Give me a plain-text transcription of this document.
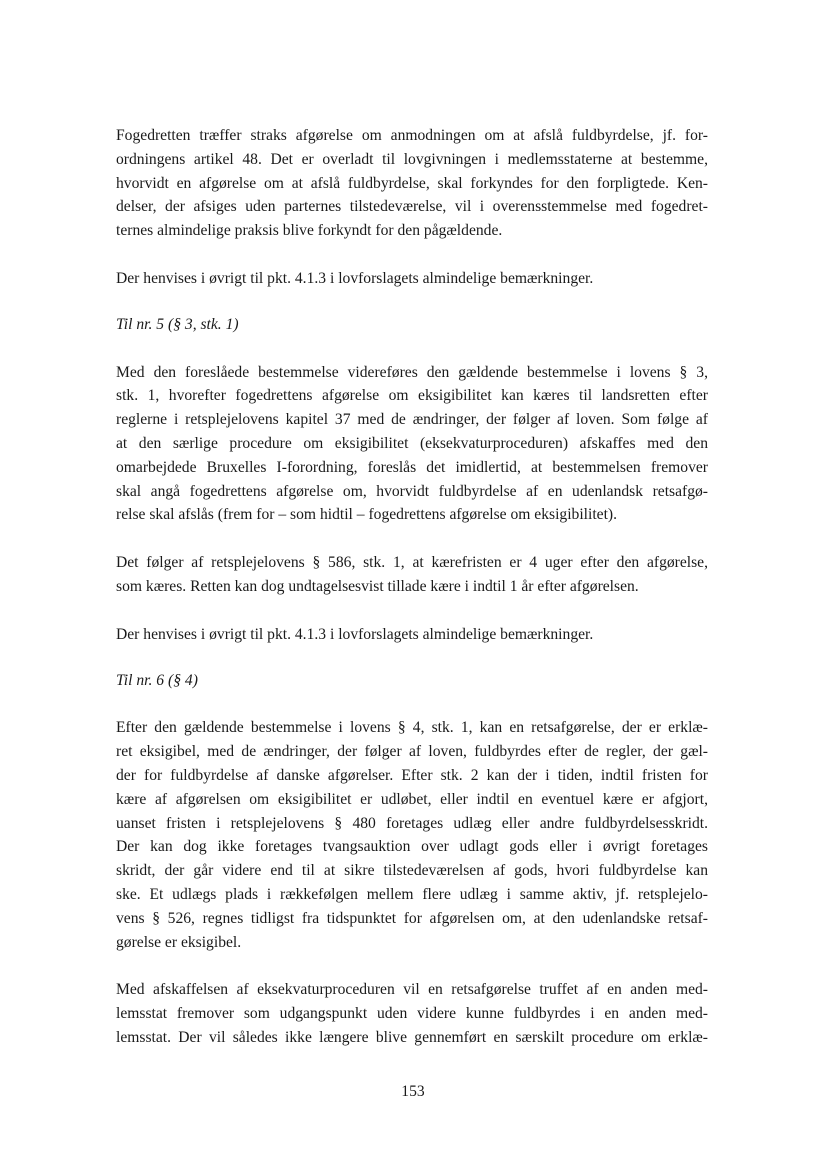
Fogedretten træffer straks afgørelse om anmodningen om at afslå fuldbyrdelse, jf. for-
ordningens artikel 48. Det er overladt til lovgivningen i medlemsstaterne at bestemme,
hvorvidt en afgørelse om at afslå fuldbyrdelse, skal forkyndes for den forpligtede. Ken-
delser, der afsiges uden parternes tilstedeværelse, vil i overensstemmelse med fogedret-
ternes almindelige praksis blive forkyndt for den pågældende.

Der henvises i øvrigt til pkt. 4.1.3 i lovforslagets almindelige bemærkninger.

Til nr. 5 (§ 3, stk. 1)

Med den foreslåede bestemmelse videreføres den gældende bestemmelse i lovens § 3,
stk. 1, hvorefter fogedrettens afgørelse om eksigibilitet kan kæres til landsretten efter
reglerne i retsplejelovens kapitel 37 med de ændringer, der følger af loven. Som følge af
at den særlige procedure om eksigibilitet (eksekvaturproceduren) afskaffes med den
omarbejdede Bruxelles I-forordning, foreslås det imidlertid, at bestemmelsen fremover
skal angå fogedrettens afgørelse om, hvorvidt fuldbyrdelse af en udenlandsk retsafgø-
relse skal afslås (frem for – som hidtil – fogedrettens afgørelse om eksigibilitet).

Det følger af retsplejelovens § 586, stk. 1, at kærefristen er 4 uger efter den afgørelse,
som kæres. Retten kan dog undtagelsesvist tillade kære i indtil 1 år efter afgørelsen.

Der henvises i øvrigt til pkt. 4.1.3 i lovforslagets almindelige bemærkninger.

Til nr. 6 (§ 4)

Efter den gældende bestemmelse i lovens § 4, stk. 1, kan en retsafgørelse, der er erklæ-
ret eksigibel, med de ændringer, der følger af loven, fuldbyrdes efter de regler, der gæl-
der for fuldbyrdelse af danske afgørelser. Efter stk. 2 kan der i tiden, indtil fristen for
kære af afgørelsen om eksigibilitet er udløbet, eller indtil en eventuel kære er afgjort,
uanset fristen i retsplejelovens § 480 foretages udlæg eller andre fuldbyrdelsesskridt.
Der kan dog ikke foretages tvangsauktion over udlagt gods eller i øvrigt foretages
skridt, der går videre end til at sikre tilstedeværelsen af gods, hvori fuldbyrdelse kan
ske. Et udlægs plads i rækkefølgen mellem flere udlæg i samme aktiv, jf. retsplejelo-
vens § 526, regnes tidligst fra tidspunktet for afgørelsen om, at den udenlandske retsaf-
gørelse er eksigibel.

Med afskaffelsen af eksekvaturproceduren vil en retsafgørelse truffet af en anden med-
lemsstat fremover som udgangspunkt uden videre kunne fuldbyrdes i en anden med-
lemsstat. Der vil således ikke længere blive gennemført en særskilt procedure om erklæ-

153
